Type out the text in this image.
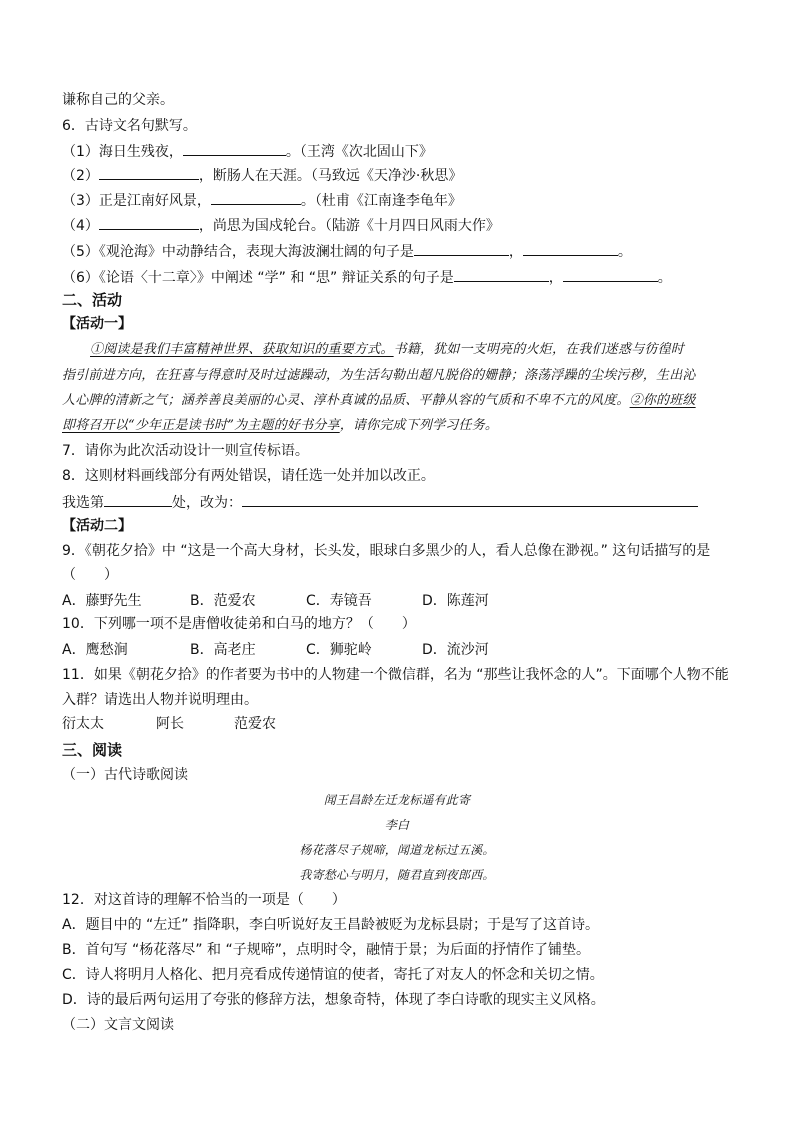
谦称自己的父亲。
6．古诗文名句默写。
（1）海日生残夜，	。（王湾《次北固山下》
（2）	，断肠人在天涯。（马致远《天净沙·秋思》
（3）正是江南好风景，	。（杜甫《江南逢李龟年》
（4）	，尚思为国戍轮台。（陆游《十月四日风雨大作》
（5）《观沧海》中动静结合，表现大海波澜壮阔的句子是	，	。
（6）《论语〈十二章〉》中阐述 “学” 和 “思” 辩证关系的句子是	，	。
二、活动
【活动一】
①阅读是我们丰富精神世界、获取知识的重要方式。书籍，犹如一支明亮的火炬，在我们迷惑与彷徨时
指引前进方向，在狂喜与得意时及时过滤躁动，为生活勾勒出超凡脱俗的姗静；涤荡浮躁的尘埃污秽，生出沁
人心脾的清新之气；涵养善良美丽的心灵、淳朴真诚的品质、平静从容的气质和不卑不亢的风度。②你的班级
即将召开以“少年正是读书时”为主题的好书分享，请你完成下列学习任务。
7．请你为此次活动设计一则宣传标语。
8．这则材料画线部分有两处错误，请任选一处并加以改正。
我选第	处，改为：
【活动二】
9．《朝花夕拾》中 “这是一个高大身材，长头发，眼球白多黑少的人，看人总像在渺视。” 这句话描写的是
（　　）
A．藤野先生	B．范爱农	C．寿镜吾	D．陈莲河
10．下列哪一项不是唐僧收徒弟和白马的地方？（　　）
A．鹰愁涧	B．高老庄	C．狮驼岭	D．流沙河
11．如果《朝花夕拾》的作者要为书中的人物建一个微信群，名为 “那些让我怀念的人”。下面哪个人物不能
入群？请选出人物并说明理由。
衍太太	阿长	范爱农
三、阅读
（一）古代诗歌阅读
闻王昌龄左迁龙标遥有此寄
李白
杨花落尽子规啼，闻道龙标过五溪。
我寄愁心与明月，随君直到夜郎西。
12．对这首诗的理解不恰当的一项是（　　）
A．题目中的 “左迁” 指降职，李白听说好友王昌龄被贬为龙标县尉；于是写了这首诗。
B．首句写 “杨花落尽” 和 “子规啼”，点明时令，融情于景；为后面的抒情作了铺垫。
C．诗人将明月人格化、把月亮看成传递情谊的使者，寄托了对友人的怀念和关切之情。
D．诗的最后两句运用了夸张的修辞方法，想象奇特，体现了李白诗歌的现实主义风格。
（二）文言文阅读
